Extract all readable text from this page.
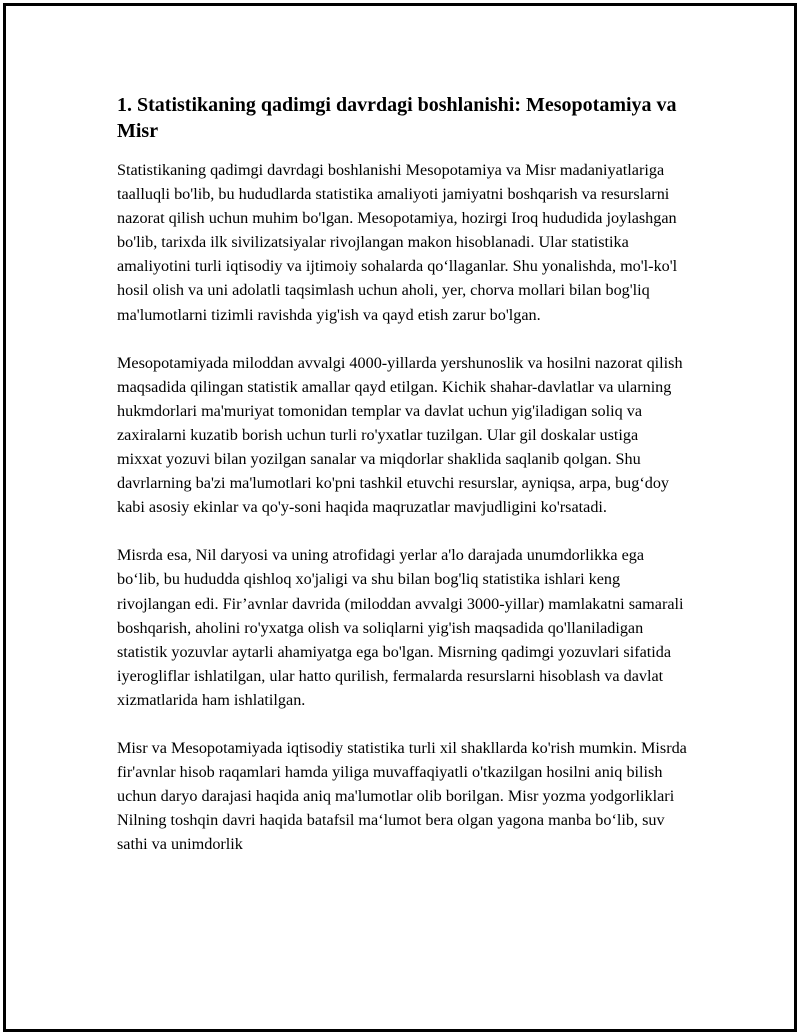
1. Statistikaning qadimgi davrdagi boshlanishi: Mesopotamiya va Misr

Statistikaning qadimgi davrdagi boshlanishi Mesopotamiya va Misr madaniyatlariga taalluqli bo'lib, bu hududlarda statistika amaliyoti jamiyatni boshqarish va resurslarni nazorat qilish uchun muhim bo'lgan. Mesopotamiya, hozirgi Iroq hududida joylashgan bo'lib, tarixda ilk sivilizatsiyalar rivojlangan makon hisoblanadi. Ular statistika amaliyotini turli iqtisodiy va ijtimoiy sohalarda qo‘llaganlar. Shu yonalishda, mo'l-ko'l hosil olish va uni adolatli taqsimlash uchun aholi, yer, chorva mollari bilan bog'liq ma'lumotlarni tizimli ravishda yig'ish va qayd etish zarur bo'lgan.

Mesopotamiyada miloddan avvalgi 4000-yillarda yershunoslik va hosilni nazorat qilish maqsadida qilingan statistik amallar qayd etilgan. Kichik shahar-davlatlar va ularning hukmdorlari ma'muriyat tomonidan templar va davlat uchun yig'iladigan soliq va zaxiralarni kuzatib borish uchun turli ro'yxatlar tuzilgan. Ular gil doskalar ustiga mixxat yozuvi bilan yozilgan sanalar va miqdorlar shaklida saqlanib qolgan. Shu davrlarning ba'zi ma'lumotlari ko'pni tashkil etuvchi resurslar, ayniqsa, arpa, bug‘doy kabi asosiy ekinlar va qo'y-soni haqida maqruzatlar mavjudligini ko'rsatadi.

Misrda esa, Nil daryosi va uning atrofidagi yerlar a'lo darajada unumdorlikka ega bo‘lib, bu hududda qishloq xo'jaligi va shu bilan bog'liq statistika ishlari keng rivojlangan edi. Fir’avnlar davrida (miloddan avvalgi 3000-yillar) mamlakatni samarali boshqarish, aholini ro'yxatga olish va soliqlarni yig'ish maqsadida qo'llaniladigan statistik yozuvlar aytarli ahamiyatga ega bo'lgan. Misrning qadimgi yozuvlari sifatida iyerogliflar ishlatilgan, ular hatto qurilish, fermalarda resurslarni hisoblash va davlat xizmatlarida ham ishlatilgan.

Misr va Mesopotamiyada iqtisodiy statistika turli xil shakllarda ko'rish mumkin. Misrda fir'avnlar hisob raqamlari hamda yiliga muvaffaqiyatli o'tkazilgan hosilni aniq bilish uchun daryo darajasi haqida aniq ma'lumotlar olib borilgan. Misr yozma yodgorliklari Nilning toshqin davri haqida batafsil ma‘lumot bera olgan yagona manba bo‘lib, suv sathi va unimdorlik
